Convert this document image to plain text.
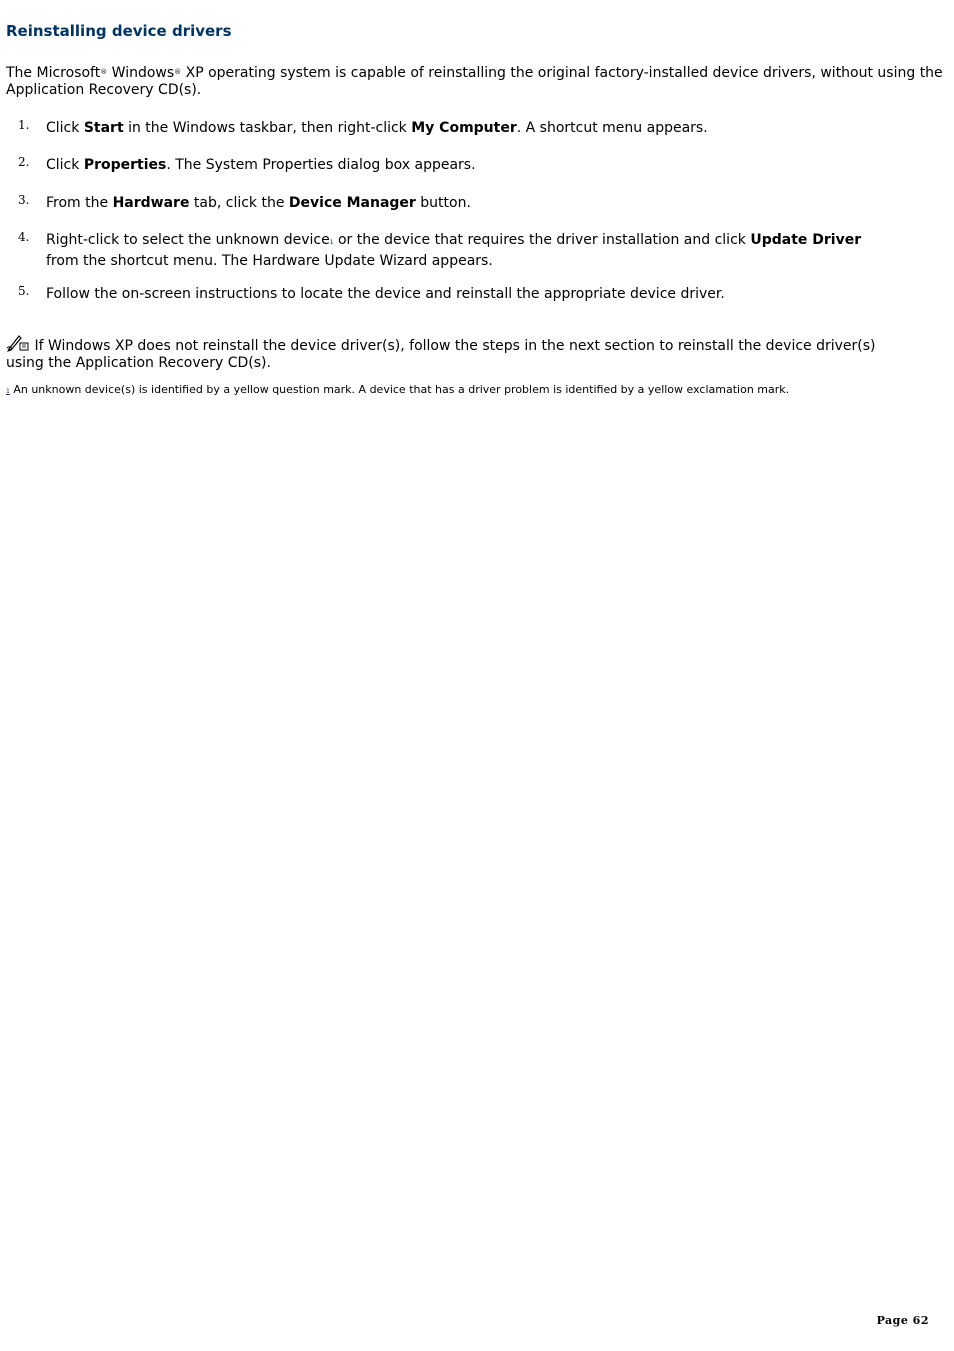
Reinstalling device drivers

The Microsoft® Windows® XP operating system is capable of reinstalling the original factory-installed device drivers, without using the Application Recovery CD(s).

1. Click Start in the Windows taskbar, then right-click My Computer. A shortcut menu appears.
2. Click Properties. The System Properties dialog box appears.
3. From the Hardware tab, click the Device Manager button.
4. Right-click to select the unknown device1 or the device that requires the driver installation and click Update Driver from the shortcut menu. The Hardware Update Wizard appears.
5. Follow the on-screen instructions to locate the device and reinstall the appropriate device driver.
If Windows XP does not reinstall the device driver(s), follow the steps in the next section to reinstall the device driver(s) using the Application Recovery CD(s).
1 An unknown device(s) is identified by a yellow question mark. A device that has a driver problem is identified by a yellow exclamation mark.
Page 62
